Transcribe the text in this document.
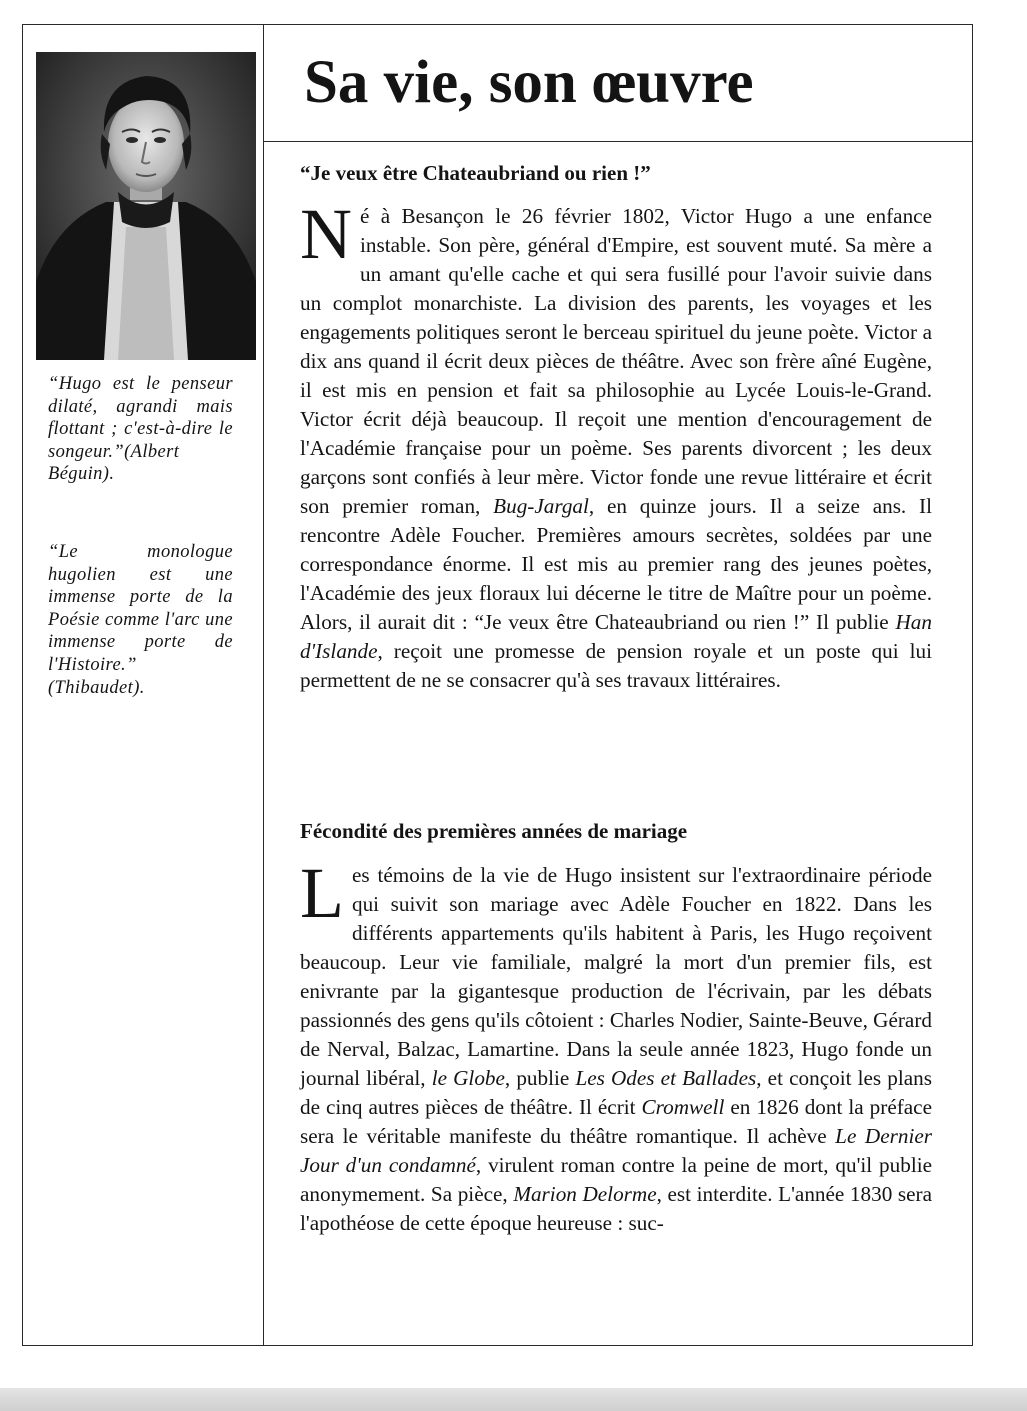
“Hugo est le penseur dilaté, agrandi mais flottant ; c'est-à-dire le songeur.”(Albert Béguin).

“Le monologue hugolien est une immense porte de la Poésie comme l'arc une immense porte de l'Histoire.” (Thibaudet).

Sa vie, son œuvre
“Je veux être Chateaubriand ou rien !”

Né à Besançon le 26 février 1802, Victor Hugo a une enfance instable. Son père, général d'Empire, est souvent muté. Sa mère a un amant qu'elle cache et qui sera fusillé pour l'avoir suivie dans un complot monarchiste. La division des parents, les voyages et les engagements politiques seront le berceau spirituel du jeune poète. Victor a dix ans quand il écrit deux pièces de théâtre. Avec son frère aîné Eugène, il est mis en pension et fait sa philosophie au Lycée Louis-le-Grand. Victor écrit déjà beaucoup. Il reçoit une mention d'encouragement de l'Académie française pour un poème. Ses parents divorcent ; les deux garçons sont confiés à leur mère. Victor fonde une revue littéraire et écrit son premier roman, Bug-Jargal, en quinze jours. Il a seize ans. Il rencontre Adèle Foucher. Premières amours secrètes, soldées par une correspondance énorme. Il est mis au premier rang des jeunes poètes, l'Académie des jeux floraux lui décerne le titre de Maître pour un poème. Alors, il aurait dit : “Je veux être Chateaubriand ou rien !” Il publie Han d'Islande, reçoit une promesse de pension royale et un poste qui lui permettent de ne se consacrer qu'à ses travaux littéraires.

Fécondité des premières années de mariage

Les témoins de la vie de Hugo insistent sur l'extraordinaire période qui suivit son mariage avec Adèle Foucher en 1822. Dans les différents appartements qu'ils habitent à Paris, les Hugo reçoivent beaucoup. Leur vie familiale, malgré la mort d'un premier fils, est enivrante par la gigantesque production de l'écrivain, par les débats passionnés des gens qu'ils côtoient : Charles Nodier, Sainte-Beuve, Gérard de Nerval, Balzac, Lamartine. Dans la seule année 1823, Hugo fonde un journal libéral, le Globe, publie Les Odes et Ballades, et conçoit les plans de cinq autres pièces de théâtre. Il écrit Cromwell en 1826 dont la préface sera le véritable manifeste du théâtre romantique. Il achève Le Dernier Jour d'un condamné, virulent roman contre la peine de mort, qu'il publie anonymement. Sa pièce, Marion Delorme, est interdite. L'année 1830 sera l'apothéose de cette époque heureuse : suc-
